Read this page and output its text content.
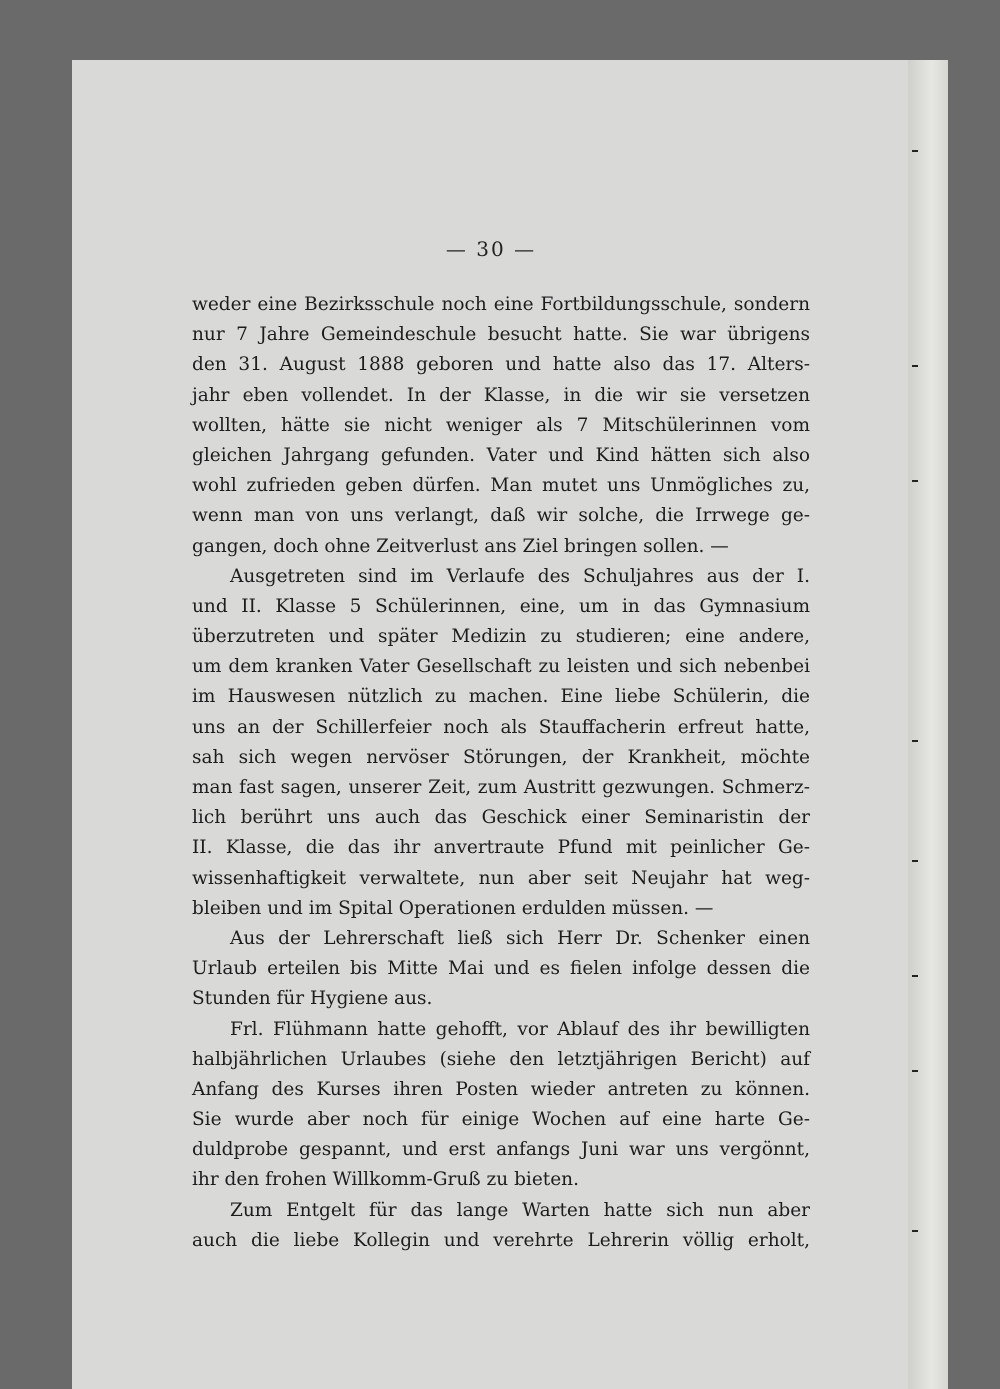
— 30 —
weder eine Bezirksschule noch eine Fortbildungsschule, sondern
nur 7 Jahre Gemeindeschule besucht hatte. Sie war übrigens
den 31. August 1888 geboren und hatte also das 17. Alters-
jahr eben vollendet. In der Klasse, in die wir sie versetzen
wollten, hätte sie nicht weniger als 7 Mitschülerinnen vom
gleichen Jahrgang gefunden. Vater und Kind hätten sich also
wohl zufrieden geben dürfen. Man mutet uns Unmögliches zu,
wenn man von uns verlangt, daß wir solche, die Irrwege ge-
gangen, doch ohne Zeitverlust ans Ziel bringen sollen. —
Ausgetreten sind im Verlaufe des Schuljahres aus der I.
und II. Klasse 5 Schülerinnen, eine, um in das Gymnasium
überzutreten und später Medizin zu studieren; eine andere,
um dem kranken Vater Gesellschaft zu leisten und sich nebenbei
im Hauswesen nützlich zu machen. Eine liebe Schülerin, die
uns an der Schillerfeier noch als Stauffacherin erfreut hatte,
sah sich wegen nervöser Störungen, der Krankheit, möchte
man fast sagen, unserer Zeit, zum Austritt gezwungen. Schmerz-
lich berührt uns auch das Geschick einer Seminaristin der
II. Klasse, die das ihr anvertraute Pfund mit peinlicher Ge-
wissenhaftigkeit verwaltete, nun aber seit Neujahr hat weg-
bleiben und im Spital Operationen erdulden müssen. —
Aus der Lehrerschaft ließ sich Herr Dr. Schenker einen
Urlaub erteilen bis Mitte Mai und es fielen infolge dessen die
Stunden für Hygiene aus.
Frl. Flühmann hatte gehofft, vor Ablauf des ihr bewilligten
halbjährlichen Urlaubes (siehe den letztjährigen Bericht) auf
Anfang des Kurses ihren Posten wieder antreten zu können.
Sie wurde aber noch für einige Wochen auf eine harte Ge-
duldprobe gespannt, und erst anfangs Juni war uns vergönnt,
ihr den frohen Willkomm-Gruß zu bieten.
Zum Entgelt für das lange Warten hatte sich nun aber
auch die liebe Kollegin und verehrte Lehrerin völlig erholt,
